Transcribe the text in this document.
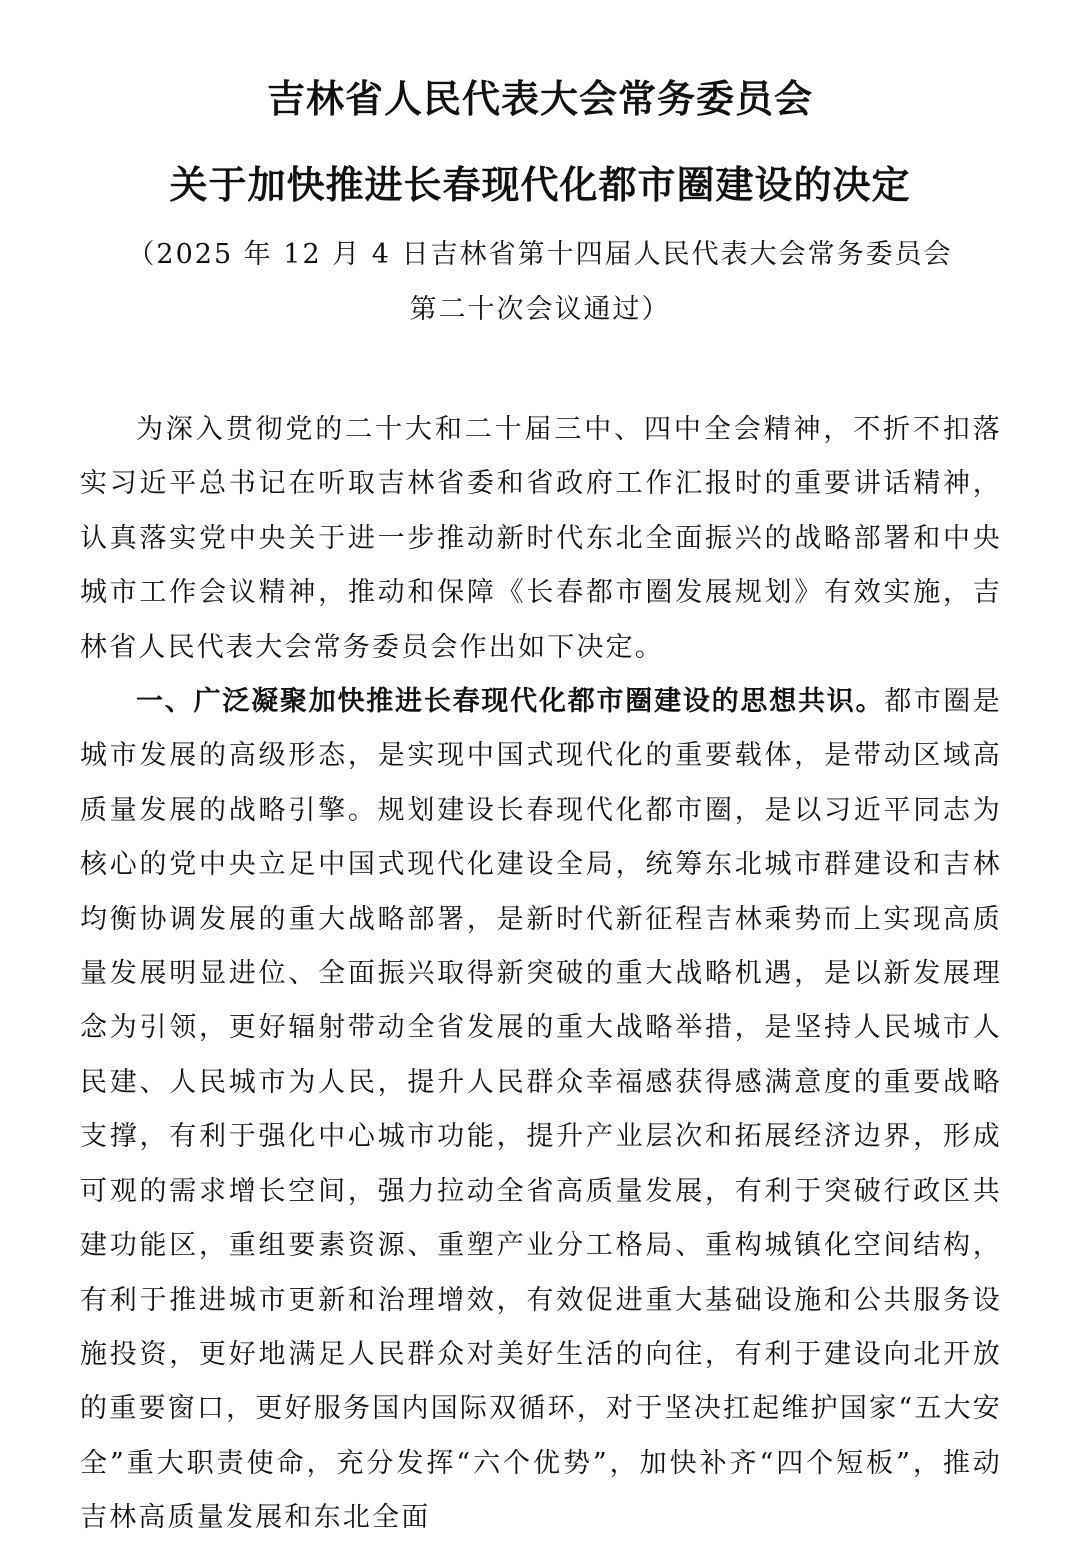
吉林省人民代表大会常务委员会
关于加快推进长春现代化都市圈建设的决定

（2025 年 12 月 4 日吉林省第十四届人民代表大会常务委员会

第二十次会议通过）

为深入贯彻党的二十大和二十届三中、四中全会精神，不折不扣落实习近平总书记在听取吉林省委和省政府工作汇报时的重要讲话精神，认真落实党中央关于进一步推动新时代东北全面振兴的战略部署和中央城市工作会议精神，推动和保障《长春都市圈发展规划》有效实施，吉林省人民代表大会常务委员会作出如下决定。

一、广泛凝聚加快推进长春现代化都市圈建设的思想共识。都市圈是城市发展的高级形态，是实现中国式现代化的重要载体，是带动区域高质量发展的战略引擎。规划建设长春现代化都市圈，是以习近平同志为核心的党中央立足中国式现代化建设全局，统筹东北城市群建设和吉林均衡协调发展的重大战略部署，是新时代新征程吉林乘势而上实现高质量发展明显进位、全面振兴取得新突破的重大战略机遇，是以新发展理念为引领，更好辐射带动全省发展的重大战略举措，是坚持人民城市人民建、人民城市为人民，提升人民群众幸福感获得感满意度的重要战略支撑，有利于强化中心城市功能，提升产业层次和拓展经济边界，形成可观的需求增长空间，强力拉动全省高质量发展，有利于突破行政区共建功能区，重组要素资源、重塑产业分工格局、重构城镇化空间结构，有利于推进城市更新和治理增效，有效促进重大基础设施和公共服务设施投资，更好地满足人民群众对美好生活的向往，有利于建设向北开放的重要窗口，更好服务国内国际双循环，对于坚决扛起维护国家“五大安全”重大职责使命，充分发挥“六个优势”，加快补齐“四个短板”，推动吉林高质量发展和东北全面
